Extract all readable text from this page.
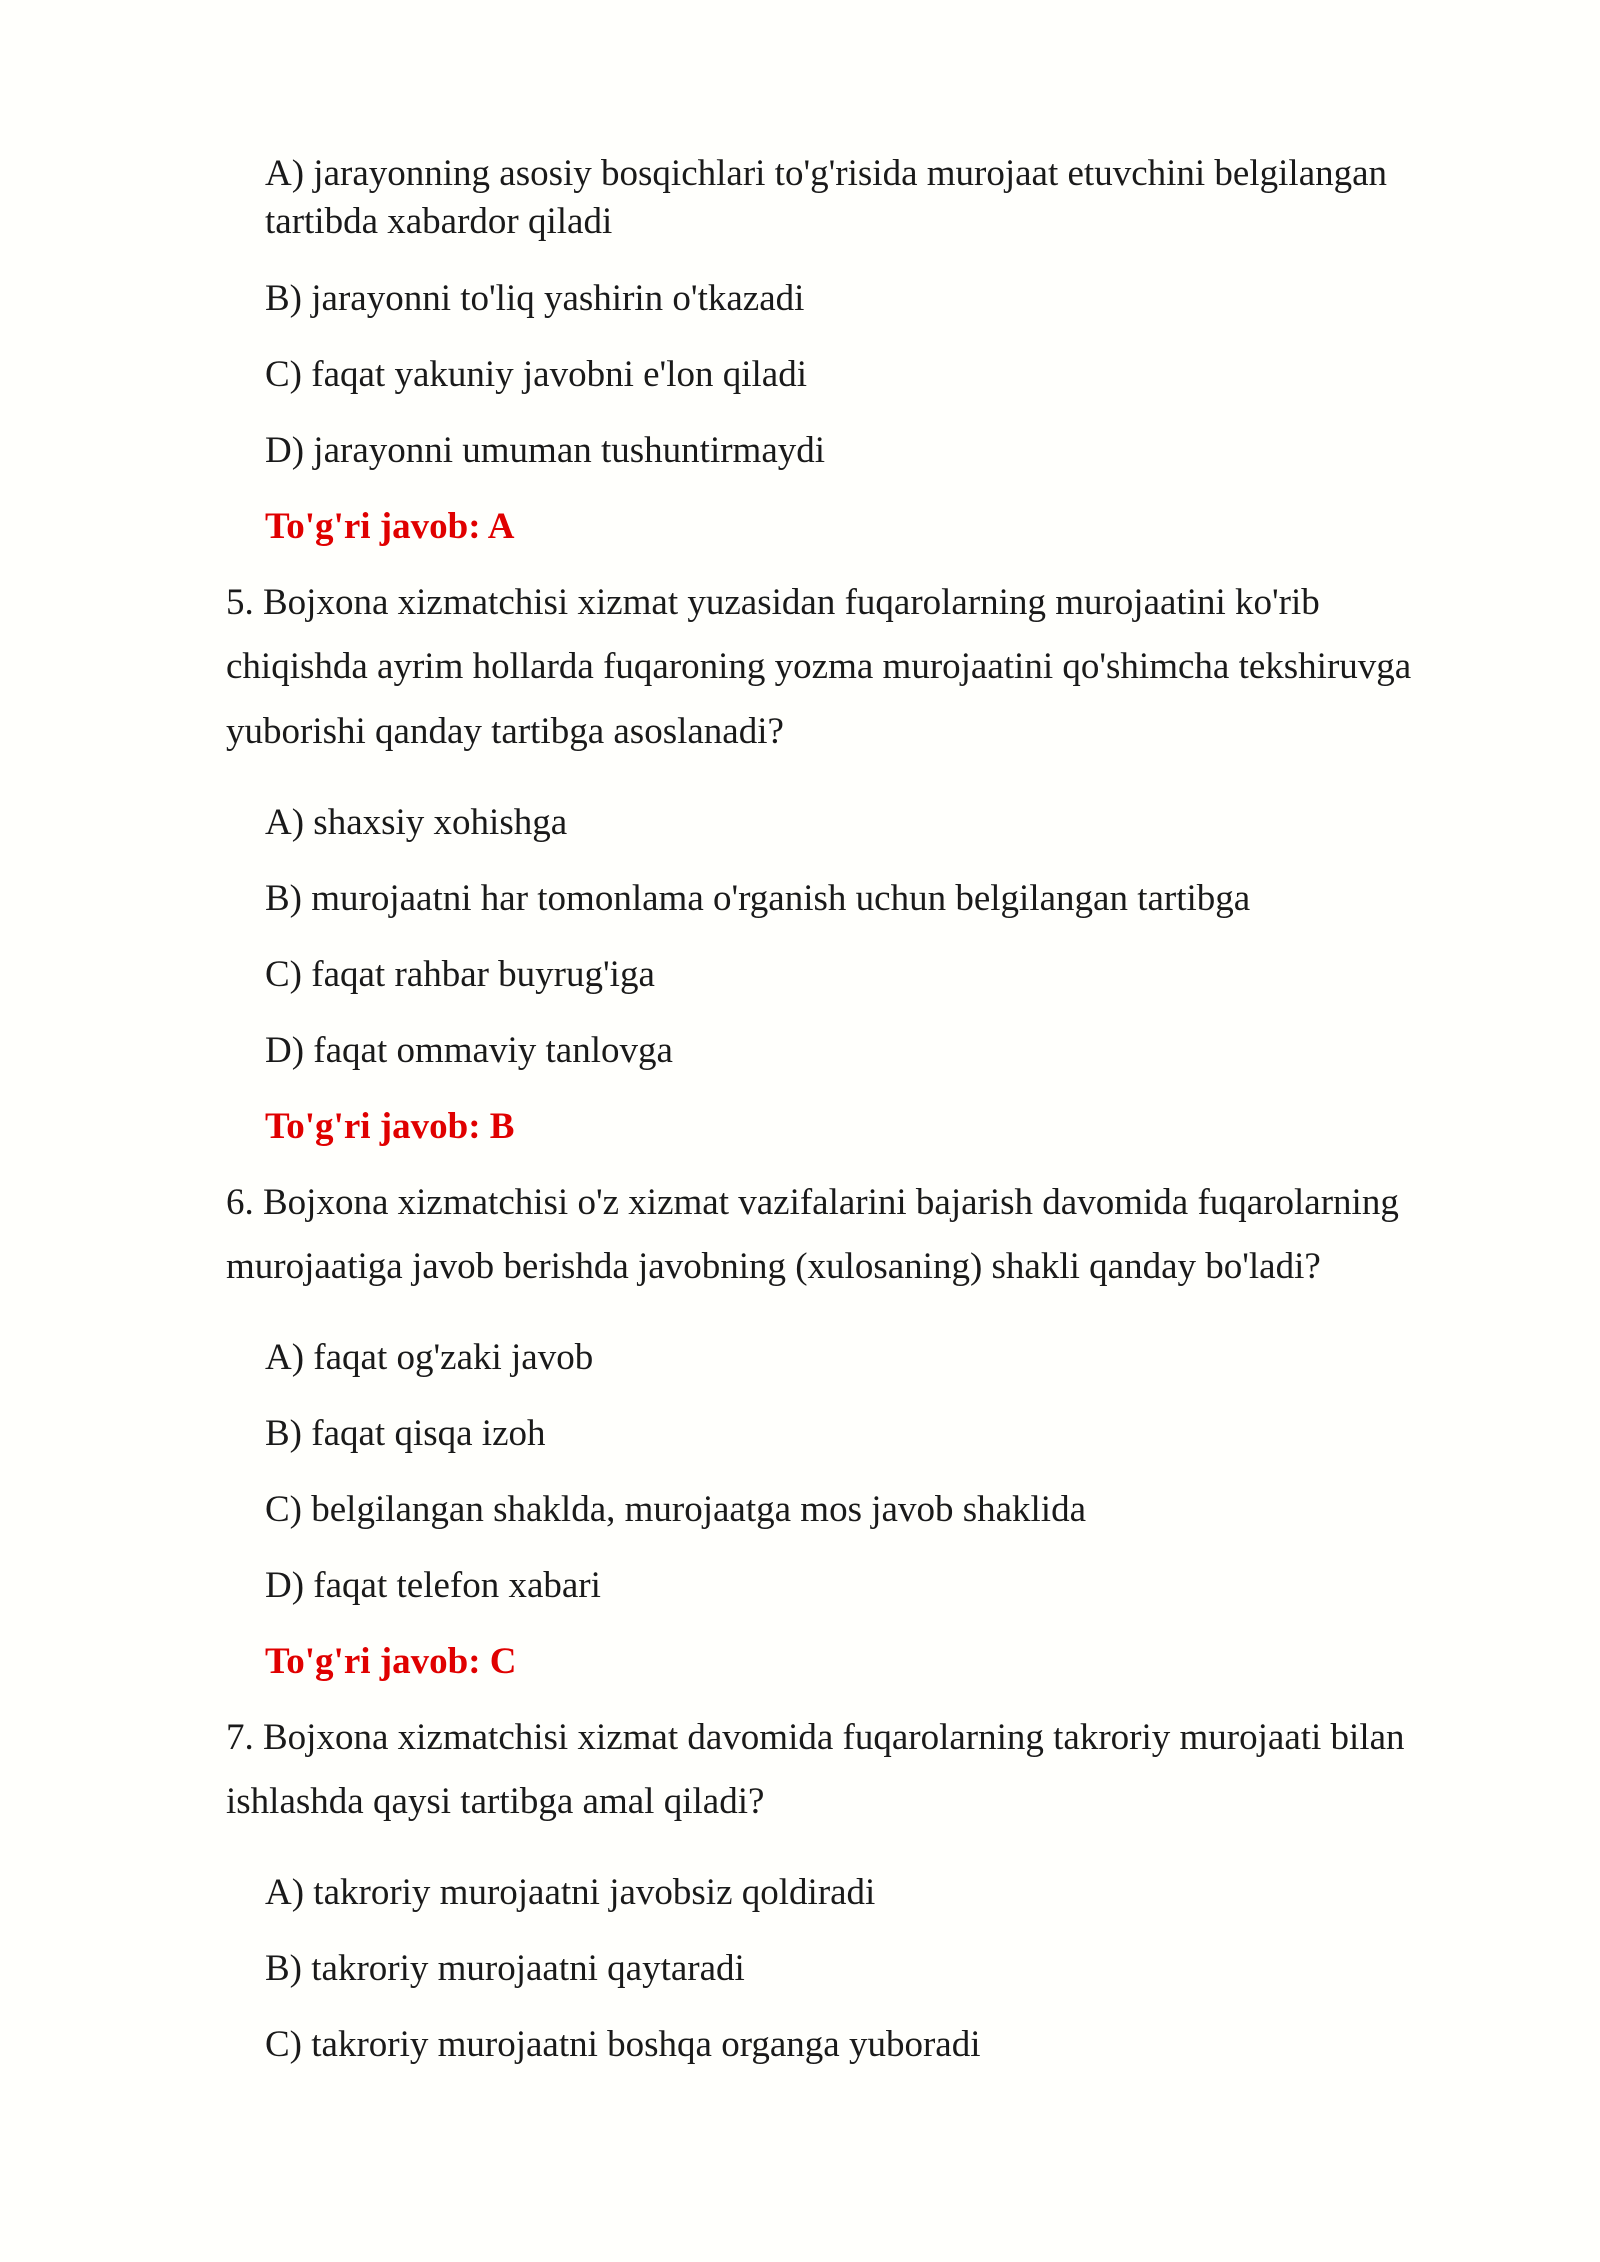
A) jarayonning asosiy bosqichlari to'g'risida murojaat etuvchini belgilangan

tartibda xabardor qiladi

B) jarayonni to'liq yashirin o'tkazadi

C) faqat yakuniy javobni e'lon qiladi

D) jarayonni umuman tushuntirmaydi

To'g'ri javob: A

5. Bojxona xizmatchisi xizmat yuzasidan fuqarolarning murojaatini ko'rib

chiqishda ayrim hollarda fuqaroning yozma murojaatini qo'shimcha tekshiruvga

yuborishi qanday tartibga asoslanadi?

A) shaxsiy xohishga

B) murojaatni har tomonlama o'rganish uchun belgilangan tartibga

C) faqat rahbar buyrug'iga

D) faqat ommaviy tanlovga

To'g'ri javob: B

6. Bojxona xizmatchisi o'z xizmat vazifalarini bajarish davomida fuqarolarning

murojaatiga javob berishda javobning (xulosaning) shakli qanday bo'ladi?

A) faqat og'zaki javob

B) faqat qisqa izoh

C) belgilangan shaklda, murojaatga mos javob shaklida

D) faqat telefon xabari

To'g'ri javob: C

7. Bojxona xizmatchisi xizmat davomida fuqarolarning takroriy murojaati bilan

ishlashda qaysi tartibga amal qiladi?

A) takroriy murojaatni javobsiz qoldiradi

B) takroriy murojaatni qaytaradi

C) takroriy murojaatni boshqa organga yuboradi
